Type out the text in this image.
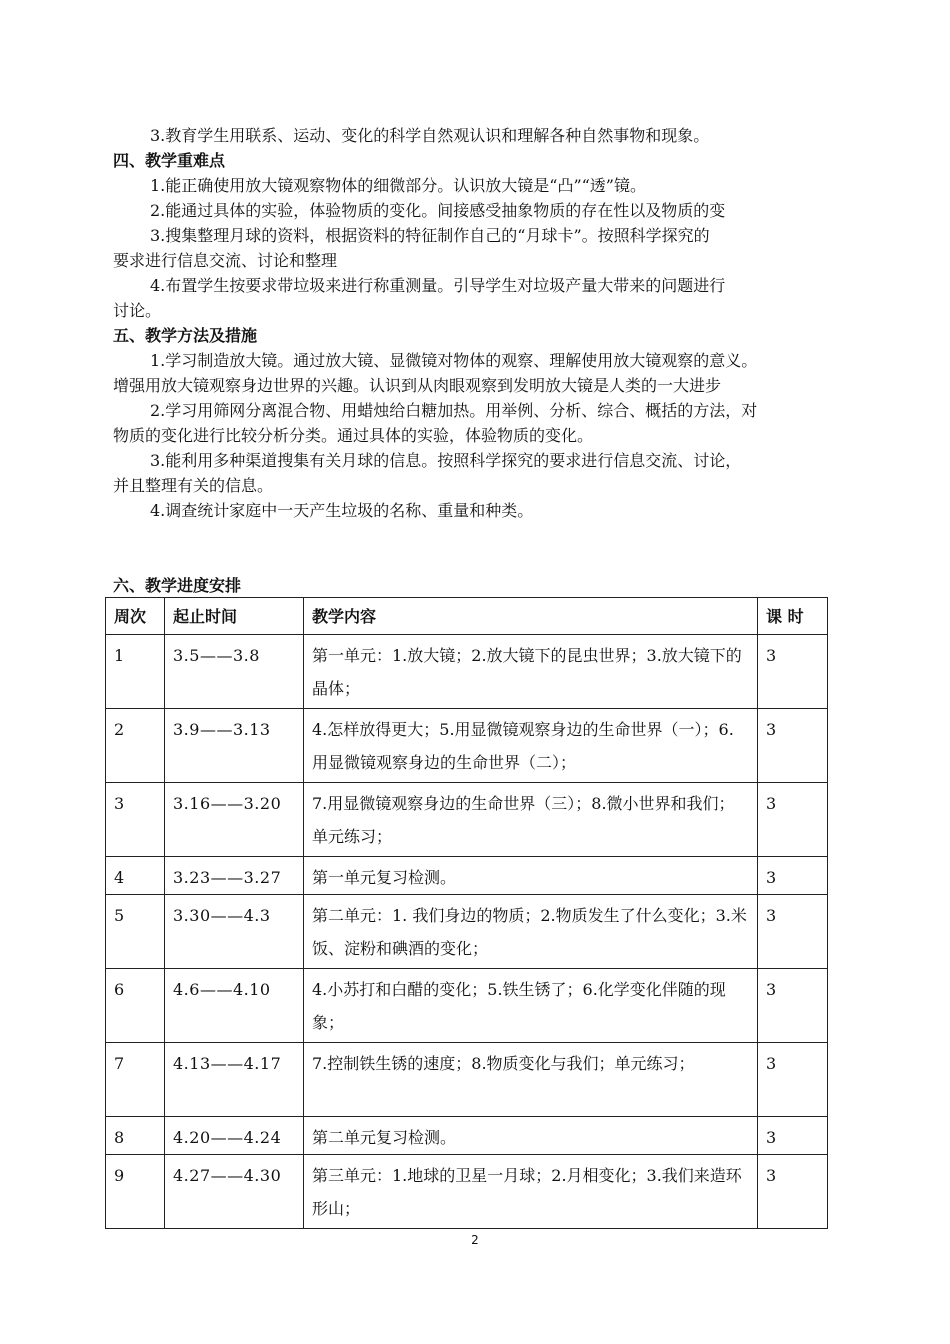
3.教育学生用联系、运动、变化的科学自然观认识和理解各种自然事物和现象。

四、教学重难点

1.能正确使用放大镜观察物体的细微部分。认识放大镜是“凸”“透”镜。

2.能通过具体的实验，体验物质的变化。间接感受抽象物质的存在性以及物质的变

3.搜集整理月球的资料，根据资料的特征制作自己的“月球卡”。按照科学探究的

要求进行信息交流、讨论和整理

4.布置学生按要求带垃圾来进行称重测量。引导学生对垃圾产量大带来的问题进行

讨论。

五、教学方法及措施

1.学习制造放大镜。通过放大镜、显微镜对物体的观察、理解使用放大镜观察的意义。

增强用放大镜观察身边世界的兴趣。认识到从肉眼观察到发明放大镜是人类的一大进步

2.学习用筛网分离混合物、用蜡烛给白糖加热。用举例、分析、综合、概括的方法，对

物质的变化进行比较分析分类。通过具体的实验，体验物质的变化。

3.能利用多种渠道搜集有关月球的信息。按照科学探究的要求进行信息交流、讨论，

并且整理有关的信息。

4.调查统计家庭中一天产生垃圾的名称、重量和种类。

六、教学进度安排
周次	起止时间	教学内容	课 时
1	3.5——3.8	第一单元：1.放大镜；2.放大镜下的昆虫世界；3.放大镜下的晶体；	3
2	3.9——3.13	4.怎样放得更大；5.用显微镜观察身边的生命世界（一）；6.用显微镜观察身边的生命世界（二）；	3
3	3.16——3.20	7.用显微镜观察身边的生命世界（三）；8.微小世界和我们；单元练习；	3
4	3.23——3.27	第一单元复习检测。	3
5	3.30——4.3	第二单元：1. 我们身边的物质；2.物质发生了什么变化；3.米饭、淀粉和碘酒的变化；	3
6	4.6——4.10	4.小苏打和白醋的变化；5.铁生锈了；6.化学变化伴随的现象；	3
7	4.13——4.17	7.控制铁生锈的速度；8.物质变化与我们；单元练习；	3
8	4.20——4.24	第二单元复习检测。	3
9	4.27——4.30	第三单元：1.地球的卫星一月球；2.月相变化；3.我们来造环形山；	3
2
